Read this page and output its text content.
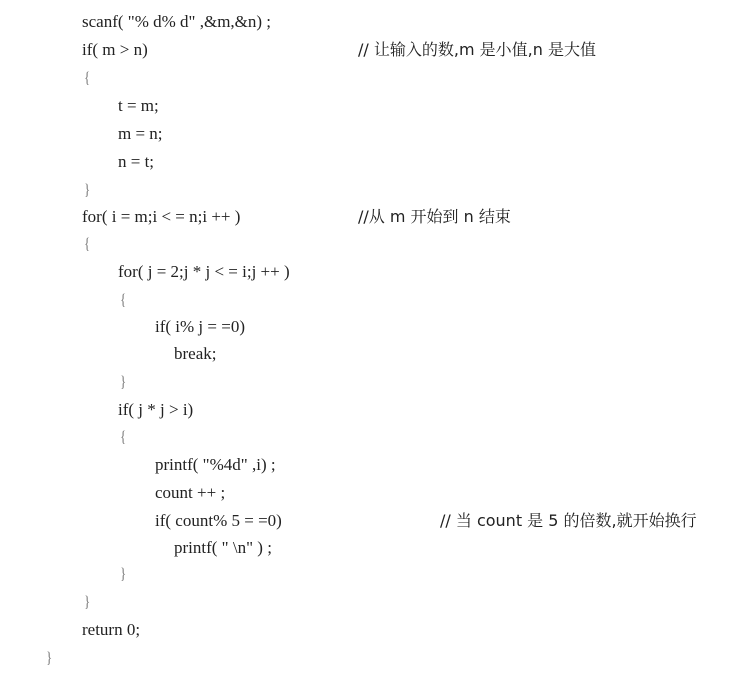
scanf( "% d% d" ,&m,&n) ;
if( m > n)	// 让输入的数,m 是小值,n 是大值
{
t = m;
m = n;
n = t;
}
for( i = m;i < = n;i ++ )	//从 m 开始到 n 结束
{
for( j = 2;j * j < = i;j ++ )
{
if( i% j = =0)
break;
}
if( j * j > i)
{
printf( "%4d" ,i) ;
count ++ ;
if( count% 5 = =0)	// 当 count 是 5 的倍数,就开始换行
printf( " \n" ) ;
}
}
return 0;
}
